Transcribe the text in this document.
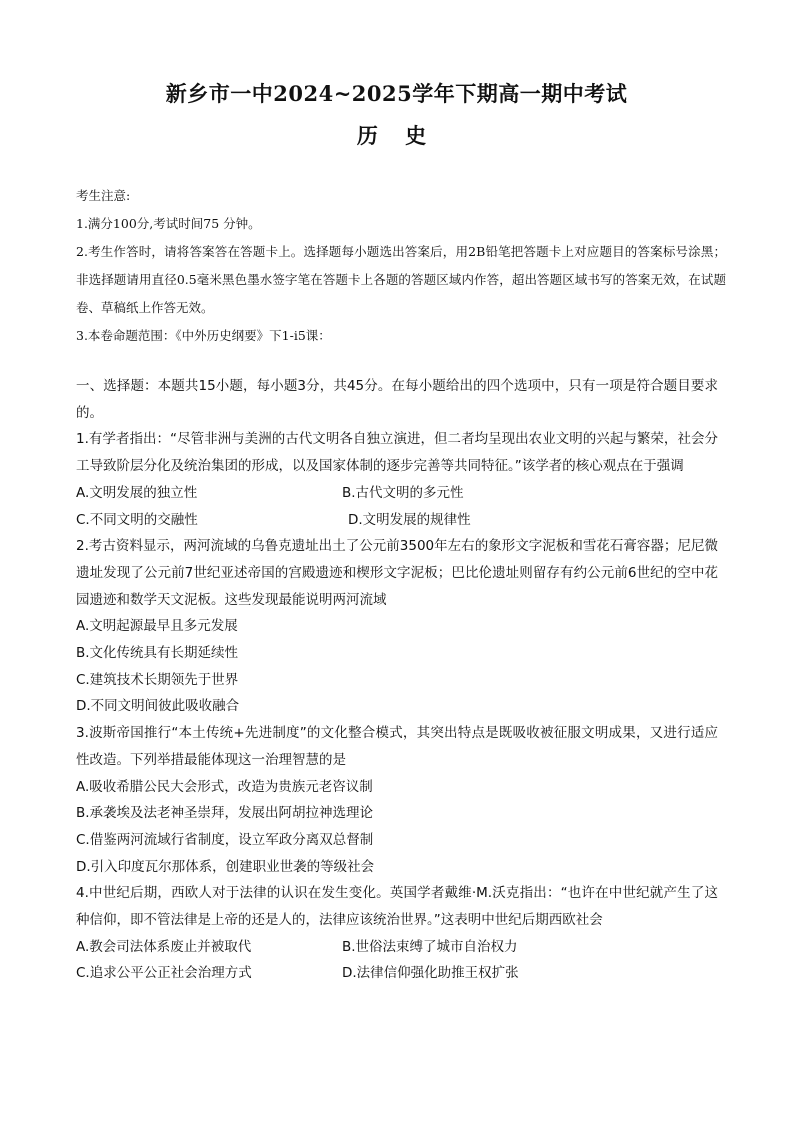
新乡市一中2024~2025学年下期高一期中考试
历 史

考生注意:

1.满分100分,考试时间75 分钟。

2.考生作答时，请将答案答在答题卡上。选择题每小题选出答案后，用2B铅笔把答题卡上对应题目的答案标号涂黑；非选择题请用直径0.5毫米黑色墨水签字笔在答题卡上各题的答题区域内作答，超出答题区域书写的答案无效，在试题卷、草稿纸上作答无效。

3.本卷命题范围：《中外历史纲要》下1-i5课：

一、选择题：本题共15小题，每小题3分，共45分。在每小题给出的四个选项中，只有一项是符合题目要求的。

1.有学者指出：“尽管非洲与美洲的古代文明各自独立演进，但二者均呈现出农业文明的兴起与繁荣，社会分工导致阶层分化及统治集团的形成，以及国家体制的逐步完善等共同特征。”该学者的核心观点在于强调

A.文明发展的独立性	B.古代文明的多元性
C.不同文明的交融性	D.文明发展的规律性

2.考古资料显示，两河流域的乌鲁克遗址出土了公元前3500年左右的象形文字泥板和雪花石膏容器；尼尼微遗址发现了公元前7世纪亚述帝国的宫殿遗迹和楔形文字泥板；巴比伦遗址则留存有约公元前6世纪的空中花园遗迹和数学天文泥板。这些发现最能说明两河流域

A.文明起源最早且多元发展

B.文化传统具有长期延续性

C.建筑技术长期领先于世界

D.不同文明间彼此吸收融合

3.波斯帝国推行“本土传统+先进制度”的文化整合模式，其突出特点是既吸收被征服文明成果，又进行适应性改造。下列举措最能体现这一治理智慧的是

A.吸收希腊公民大会形式，改造为贵族元老咨议制

B.承袭埃及法老神圣崇拜，发展出阿胡拉神选理论

C.借鉴两河流域行省制度，设立军政分离双总督制

D.引入印度瓦尔那体系，创建职业世袭的等级社会

4.中世纪后期，西欧人对于法律的认识在发生变化。英国学者戴维·M.沃克指出：“也许在中世纪就产生了这种信仰，即不管法律是上帝的还是人的，法律应该统治世界。”这表明中世纪后期西欧社会

A.教会司法体系废止并被取代	B.世俗法束缚了城市自治权力
C.追求公平公正社会治理方式	D.法律信仰强化助推王权扩张
